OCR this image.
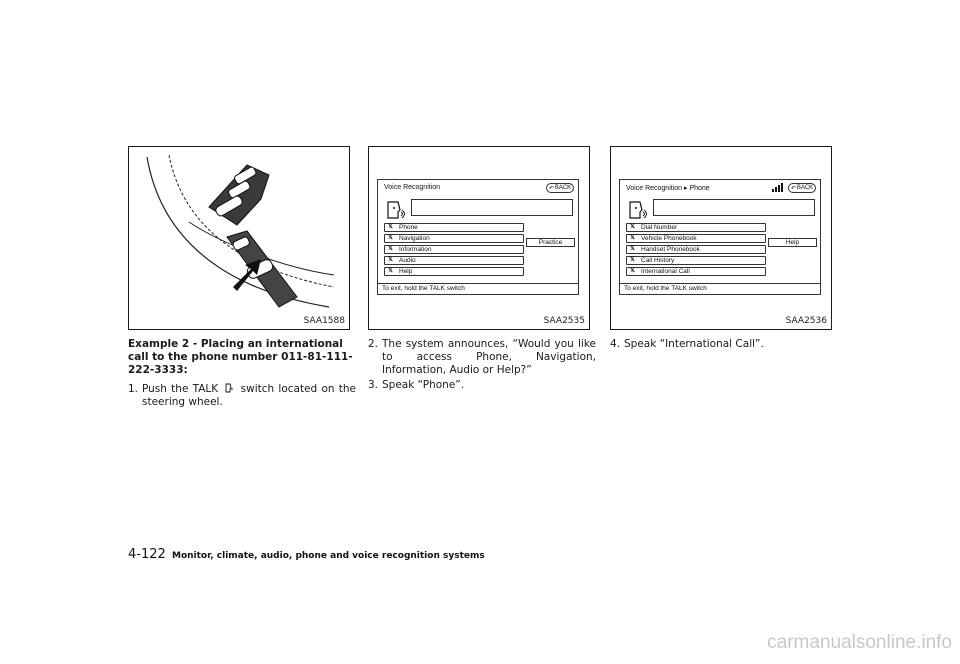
SAA1588
Voice Recognition	↶ BACK
𝕏 Phone
𝕏 Navigation
𝕏 Information
𝕏 Audio
𝕏 Help
Practice
To exit, hold the TALK switch
SAA2535
Voice Recognition ▸ Phone	↶ BACK
𝕏 Dial Number
𝕏 Vehicle Phonebook
𝕏 Handset Phonebook
𝕏 Call History
𝕏 International Call
Help
To exit, hold the TALK switch
SAA2536

Example 2 - Placing an international call to the phone number 011-81-111-222-3333:

1. Push the TALK switch located on the steering wheel.
2. The system announces, “Would you like to access Phone, Navigation, Information, Audio or Help?”
3. Speak “Phone”.
4. Speak “International Call”.
4-122 Monitor, climate, audio, phone and voice recognition systems
carmanualsonline.info
